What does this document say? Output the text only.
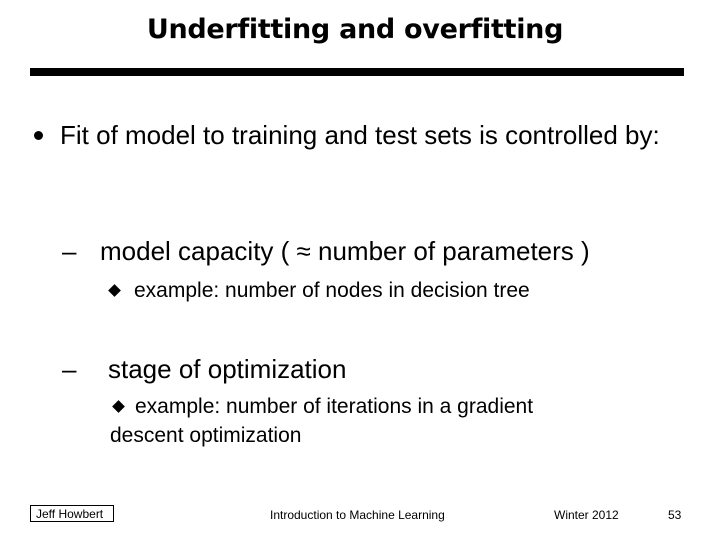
Underfitting and overfitting
Fit of model to training and test sets is controlled by:
– model capacity ( ≈ number of parameters )
example: number of nodes in decision tree
– stage of optimization
example: number of iterations in a gradient descent optimization
Jeff Howbert	Introduction to Machine Learning	Winter 2012	53
